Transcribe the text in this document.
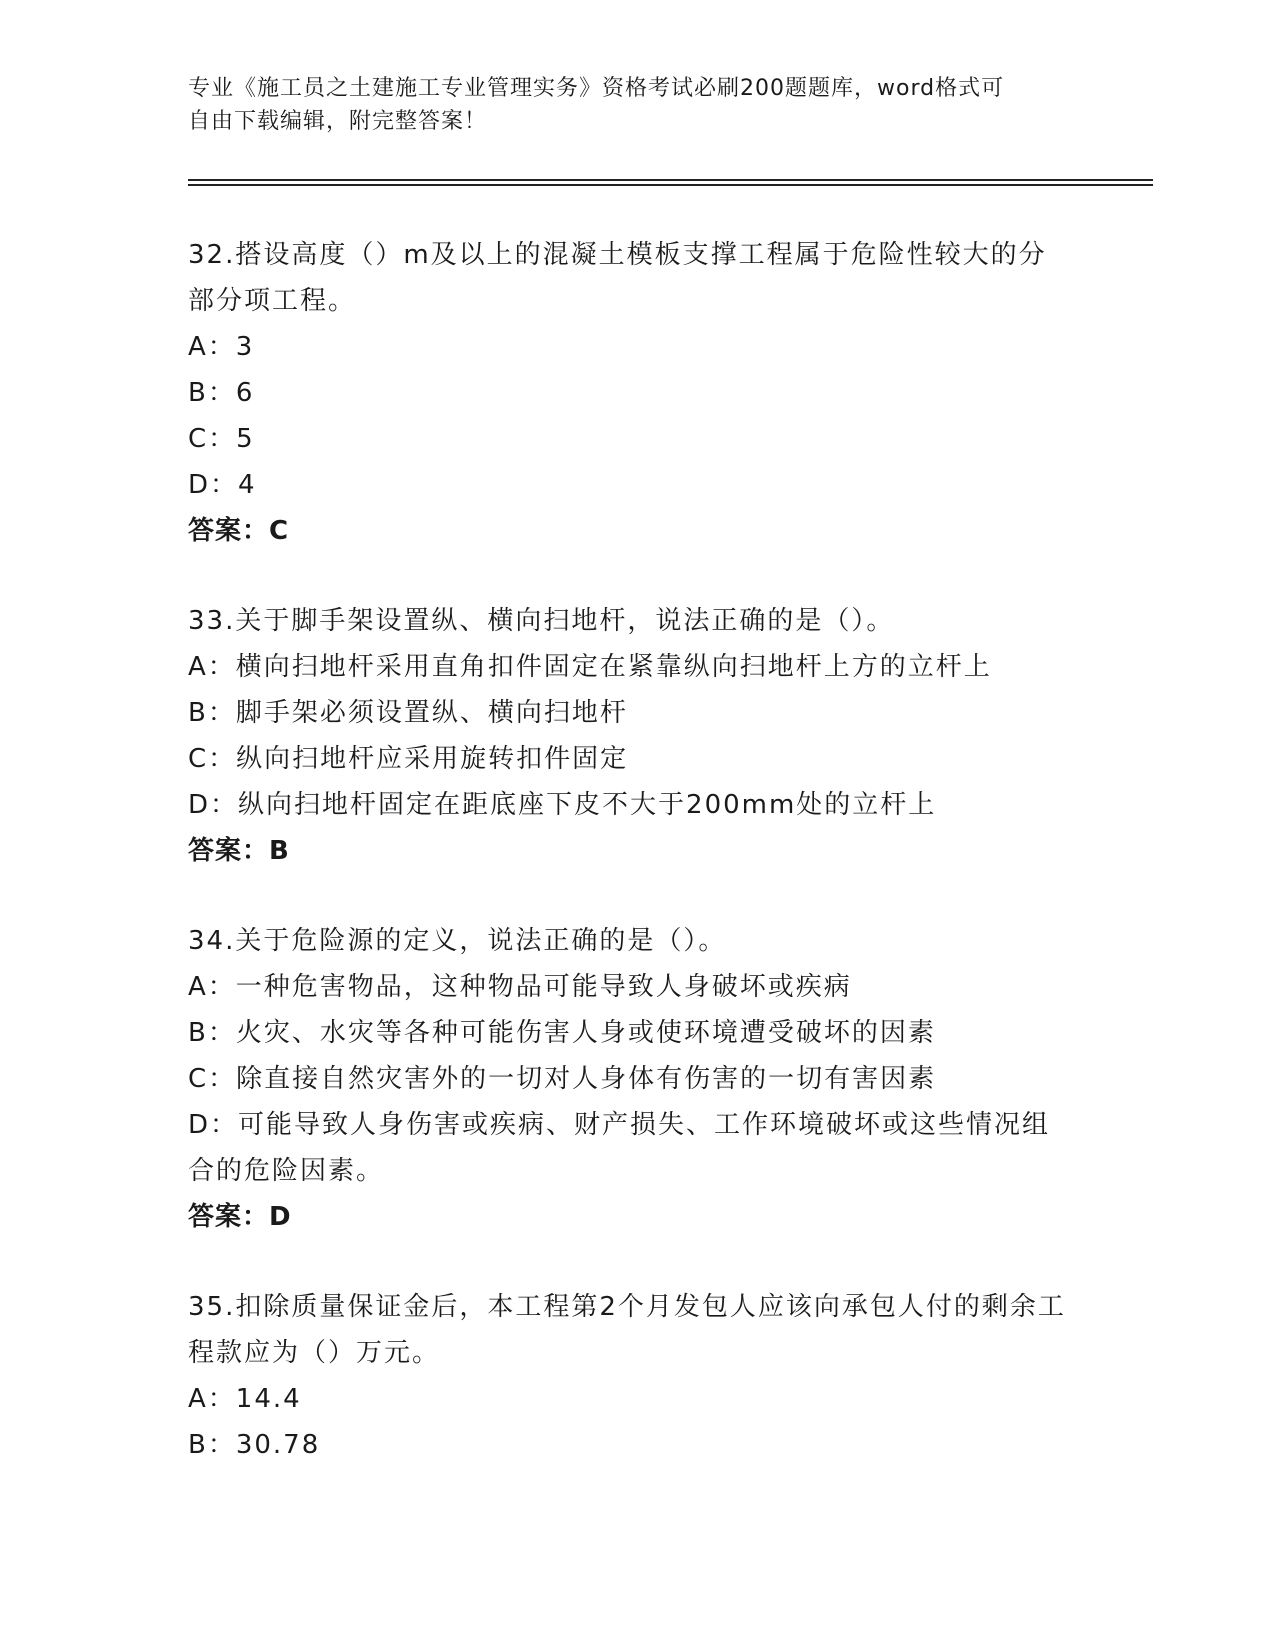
专业《施工员之土建施工专业管理实务》资格考试必刷200题题库，word格式可
自由下载编辑，附完整答案！
32.搭设高度（）m及以上的混凝土模板支撑工程属于危险性较大的分部分项工程。
A：3
B：6
C：5
D：4
答案：C
33.关于脚手架设置纵、横向扫地杆，说法正确的是（）。
A：横向扫地杆采用直角扣件固定在紧靠纵向扫地杆上方的立杆上
B：脚手架必须设置纵、横向扫地杆
C：纵向扫地杆应采用旋转扣件固定
D：纵向扫地杆固定在距底座下皮不大于200mm处的立杆上
答案：B
34.关于危险源的定义，说法正确的是（）。
A：一种危害物品，这种物品可能导致人身破坏或疾病
B：火灾、水灾等各种可能伤害人身或使环境遭受破坏的因素
C：除直接自然灾害外的一切对人身体有伤害的一切有害因素
D：可能导致人身伤害或疾病、财产损失、工作环境破坏或这些情况组合的危险因素。
答案：D
35.扣除质量保证金后，本工程第2个月发包人应该向承包人付的剩余工程款应为（）万元。
A：14.4
B：30.78
